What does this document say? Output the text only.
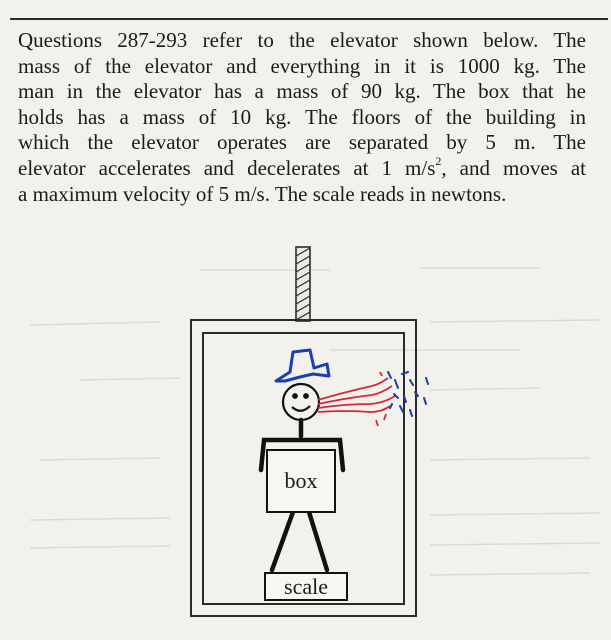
Questions 287-293 refer to the elevator shown below. The
mass of the elevator and everything in it is 1000 kg. The
man in the elevator has a mass of 90 kg. The box that he
holds has a mass of 10 kg. The floors of the building in
which the elevator operates are separated by 5 m. The
elevator accelerates and decelerates at 1 $m/s^2$, and moves at
a maximum velocity of 5 m/s. The scale reads in newtons.

box
scale
